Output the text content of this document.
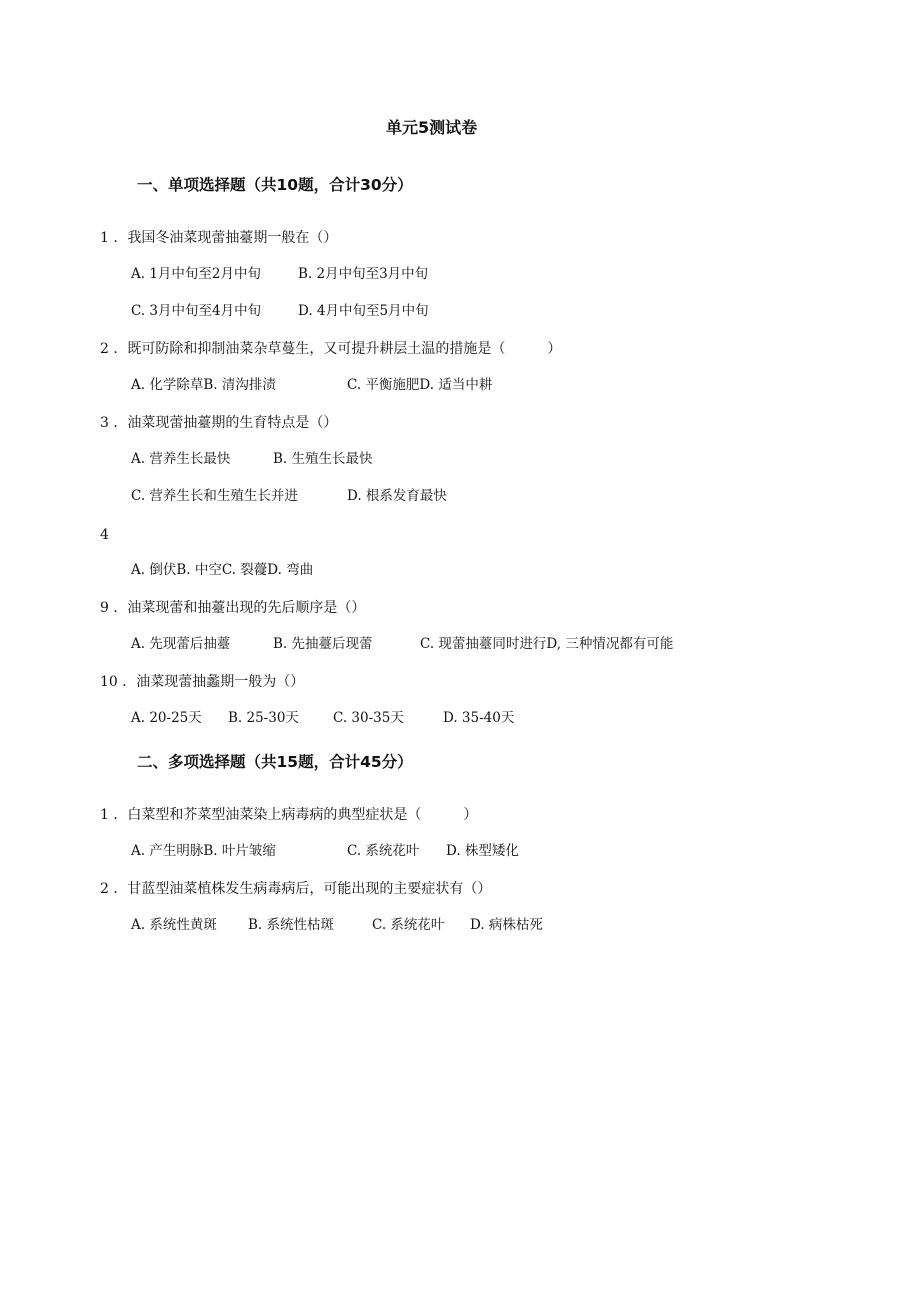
单元5测试卷
一、单项选择题（共10题，合计30分）
1 ．我国冬油菜现蕾抽薹期一般在（）
A. 1月中旬至2月中旬	B. 2月中旬至3月中旬
C. 3月中旬至4月中旬	D. 4月中旬至5月中旬
2 ．既可防除和抑制油菜杂草蔓生，又可提升耕层土温的措施是（　　　）
A. 化学除草B. 清沟排渍	C. 平衡施肥D. 适当中耕
3 ．油菜现蕾抽薹期的生育特点是（）
A. 营养生长最快	B. 生殖生长最快
C. 营养生长和生殖生长并进	D. 根系发育最快
4
A. 倒伏B. 中空C. 裂蘉D. 弯曲
9 ．油菜现蕾和抽薹出现的先后顺序是（）
A. 先现蕾后抽薹	B. 先抽薹后现蕾	C. 现蕾抽薹同时进行D, 三种情况都有可能
10 ．油菜现蕾抽蠡期一般为（）
A. 20-25天 B. 25-30天	C. 30-35天	D. 35-40天
二、多项选择题（共15题，合计45分）
1 ．白菜型和芥菜型油菜染上病毒病的典型症状是（　　　）
A. 产生明脉B. 叶片皱缩	C. 系统花叶 D. 株型矮化
2 ．甘蓝型油菜植株发生病毒病后，可能出现的主要症状有（）
A. 系统性黄斑 B. 系统性枯斑	C. 系统花叶 D. 病株枯死
